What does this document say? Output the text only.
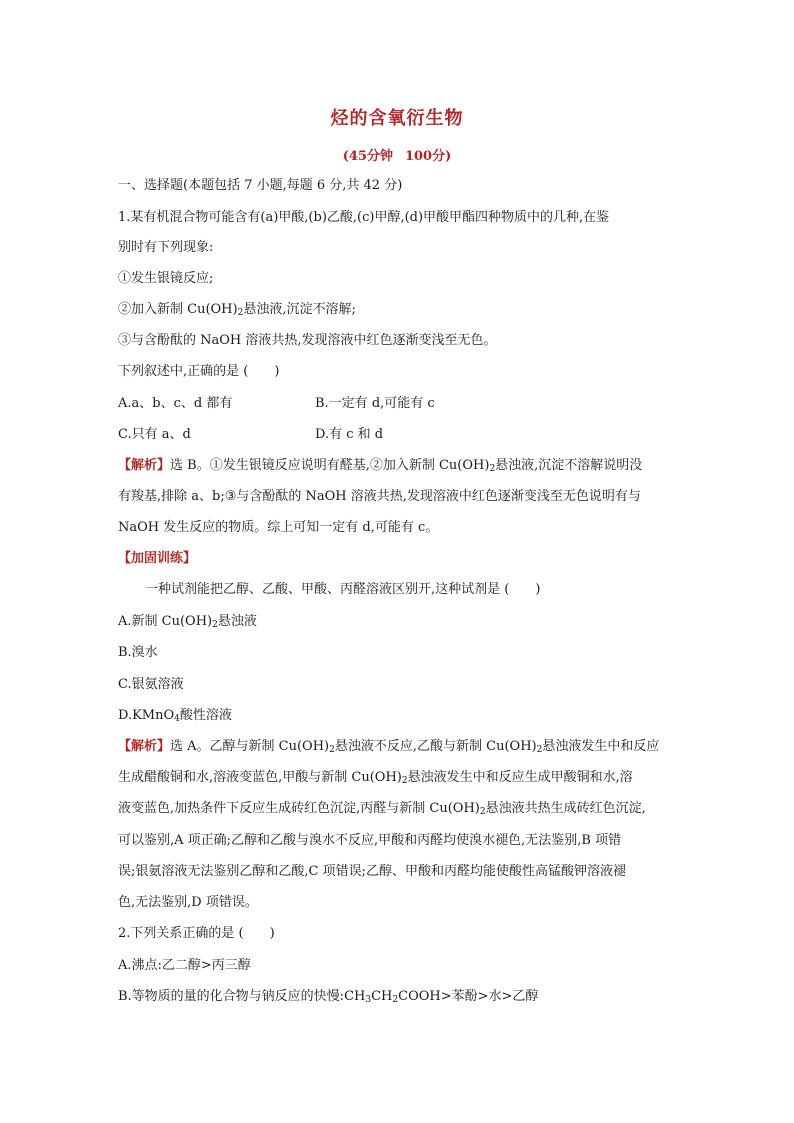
烃的含氧衍生物
(45分钟 100分)
一、选择题(本题包括 7 小题,每题 6 分,共 42 分)
1.某有机混合物可能含有(a)甲酸,(b)乙酸,(c)甲醇,(d)甲酸甲酯四种物质中的几种,在鉴
别时有下列现象:
①发生银镜反应;
②加入新制 $Cu(OH)_2$悬浊液,沉淀不溶解;
③与含酚酞的 NaOH 溶液共热,发现溶液中红色逐渐变浅至无色。
下列叙述中,正确的是 (　　)
A.a、b、c、d 都有	B.一定有 d,可能有 c
C.只有 a、d	D.有 c 和 d
【解析】选 B。①发生银镜反应说明有醛基,②加入新制 $Cu(OH)_2$悬浊液,沉淀不溶解说明没
有羧基,排除 a、b;③与含酚酞的 NaOH 溶液共热,发现溶液中红色逐渐变浅至无色说明有与
NaOH 发生反应的物质。综上可知一定有 d,可能有 c。
【加固训练】
一种试剂能把乙醇、乙酸、甲酸、丙醛溶液区别开,这种试剂是 (　　)
A.新制 $Cu(OH)_2$悬浊液
B.溴水
C.银氨溶液
D.KMnO$_4$酸性溶液
【解析】选 A。乙醇与新制 $Cu(OH)_2$悬浊液不反应,乙酸与新制 $Cu(OH)_2$悬浊液发生中和反应
生成醋酸铜和水,溶液变蓝色,甲酸与新制 $Cu(OH)_2$悬浊液发生中和反应生成甲酸铜和水,溶
液变蓝色,加热条件下反应生成砖红色沉淀,丙醛与新制 $Cu(OH)_2$悬浊液共热生成砖红色沉淀,
可以鉴别,A 项正确;乙醇和乙酸与溴水不反应,甲酸和丙醛均使溴水褪色,无法鉴别,B 项错
误;银氨溶液无法鉴别乙醇和乙酸,C 项错误;乙醇、甲酸和丙醛均能使酸性高锰酸钾溶液褪
色,无法鉴别,D 项错误。
2.下列关系正确的是 (　　)
A.沸点:乙二醇>丙三醇
B.等物质的量的化合物与钠反应的快慢$:CH_3CH_2COOH>$苯酚>水>乙醇
